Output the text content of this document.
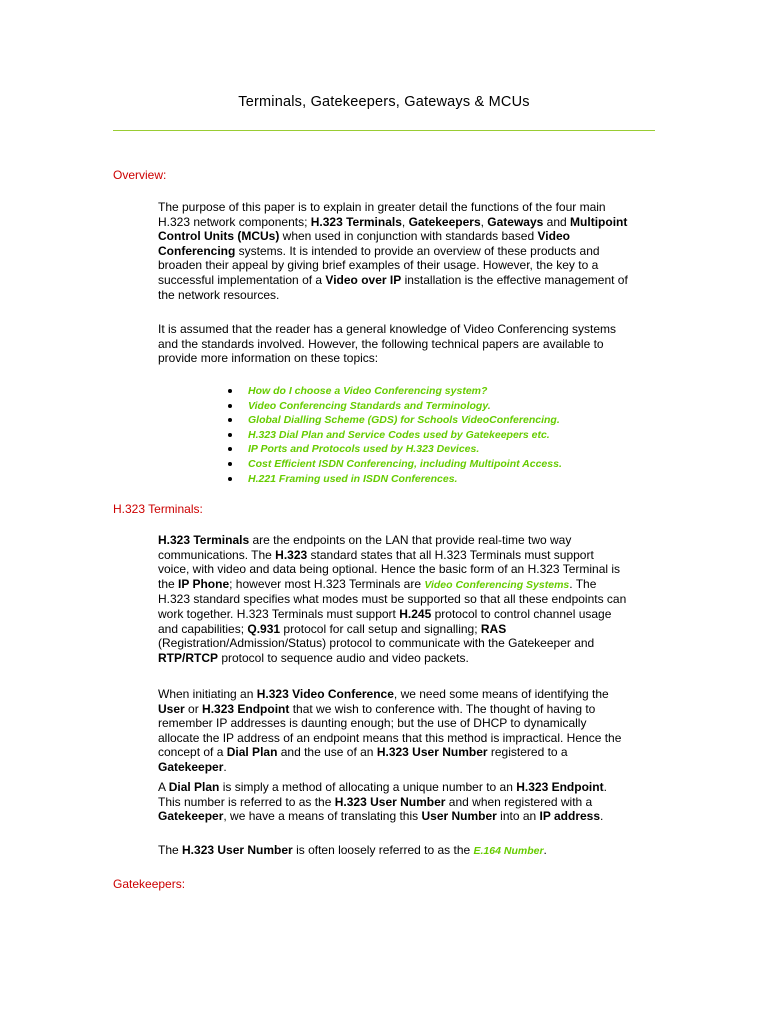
Terminals, Gatekeepers, Gateways & MCUs
Overview:

The purpose of this paper is to explain in greater detail the functions of the four main H.323 network components; H.323 Terminals, Gatekeepers, Gateways and Multipoint Control Units (MCUs) when used in conjunction with standards based Video Conferencing systems. It is intended to provide an overview of these products and broaden their appeal by giving brief examples of their usage. However, the key to a successful implementation of a Video over IP installation is the effective management of the network resources.

It is assumed that the reader has a general knowledge of Video Conferencing systems and the standards involved. However, the following technical papers are available to provide more information on these topics:

How do I choose a Video Conferencing system?
Video Conferencing Standards and Terminology.
Global Dialling Scheme (GDS) for Schools VideoConferencing.
H.323 Dial Plan and Service Codes used by Gatekeepers etc.
IP Ports and Protocols used by H.323 Devices.
Cost Efficient ISDN Conferencing, including Multipoint Access.
H.221 Framing used in ISDN Conferences.
H.323 Terminals:

H.323 Terminals are the endpoints on the LAN that provide real-time two way communications. The H.323 standard states that all H.323 Terminals must support voice, with video and data being optional. Hence the basic form of an H.323 Terminal is the IP Phone; however most H.323 Terminals are Video Conferencing Systems. The H.323 standard specifies what modes must be supported so that all these endpoints can work together. H.323 Terminals must support H.245 protocol to control channel usage and capabilities; Q.931 protocol for call setup and signalling; RAS (Registration/Admission/Status) protocol to communicate with the Gatekeeper and RTP/RTCP protocol to sequence audio and video packets.

When initiating an H.323 Video Conference, we need some means of identifying the User or H.323 Endpoint that we wish to conference with. The thought of having to remember IP addresses is daunting enough; but the use of DHCP to dynamically allocate the IP address of an endpoint means that this method is impractical. Hence the concept of a Dial Plan and the use of an H.323 User Number registered to a Gatekeeper.

A Dial Plan is simply a method of allocating a unique number to an H.323 Endpoint. This number is referred to as the H.323 User Number and when registered with a Gatekeeper, we have a means of translating this User Number into an IP address.

The H.323 User Number is often loosely referred to as the E.164 Number.

Gatekeepers:
